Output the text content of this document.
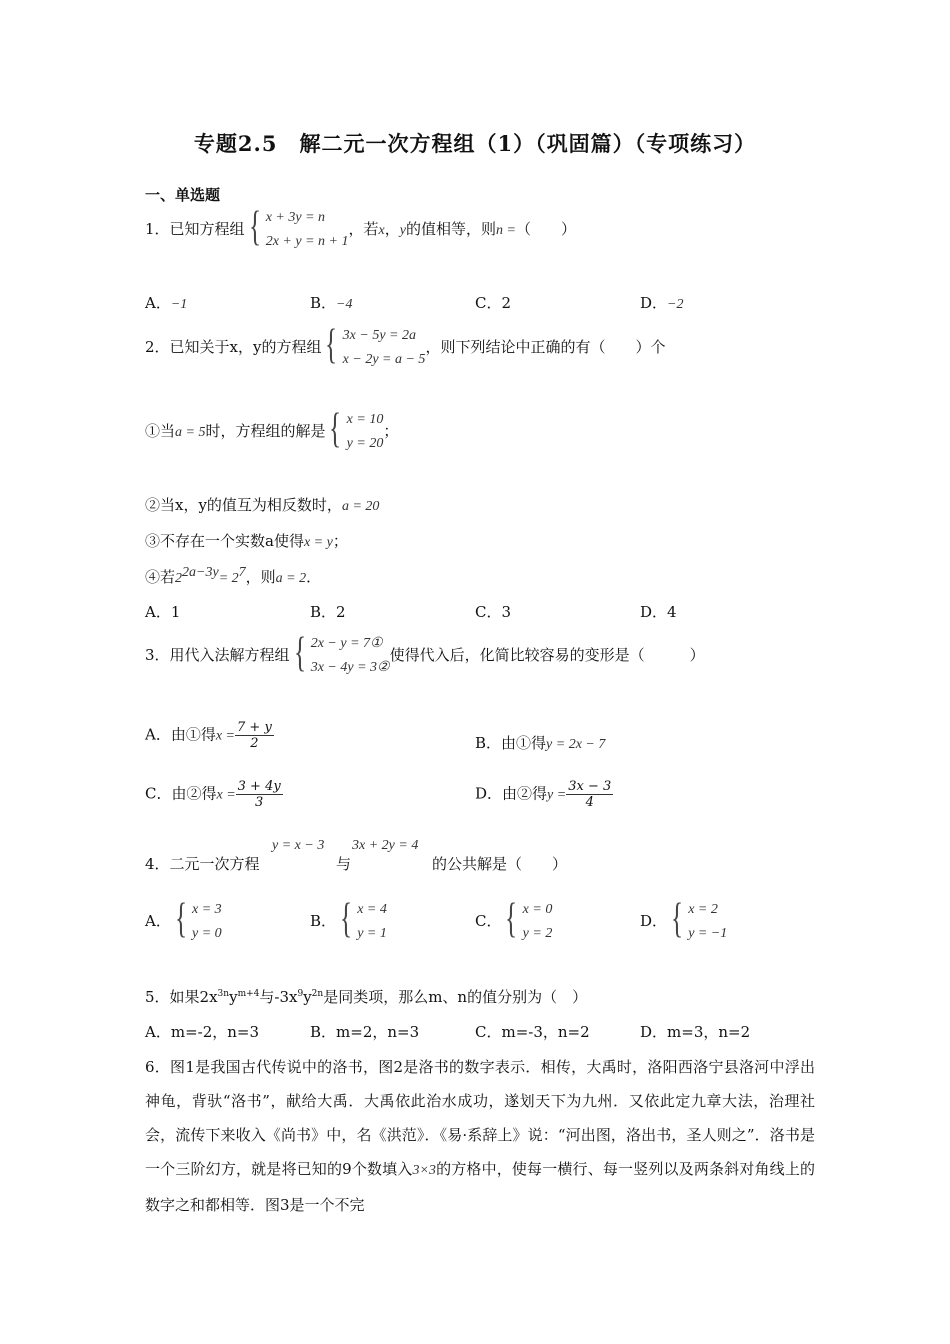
专题2.5　解二元一次方程组（1）（巩固篇）（专项练习）
一、单选题
1．已知方程组 { x + 3y = n
2x + y = n + 1
，若x，y的值相等，则n =（　　）
A．−1	B．−4	C．2	D．−2
2．已知关于x，y的方程组 { 3x − 5y = 2a
x − 2y = a − 5
，则下列结论中正确的有（　　）个
①当a = 5时，方程组的解是 { x = 10
y = 20
；
②当x，y的值互为相反数时，a = 20
③不存在一个实数a使得x = y；
④若$2^{2a-3y}= 2^7$，则a = 2．
A．1	B．2	C．3	D．4
3．用代入法解方程组 { 2x − y = 7①
3x − 4y = 3②
使得代入后，化简比较容易的变形是（　　　）
A．由①得$x = \frac{7 + y}{2}$	B．由①得y = 2x − 7
C．由②得$x = \frac{3 + 4y}{3}$	D．由②得$y = \frac{3x - 3}{4}$
4．二元一次方程
y = x − 3
与
3x + 2y = 4
的公共解是（　　）
A． { x = 3
y = 0
B． { x = 4
y = 1
C． { x = 0
y = 2
D． { x = 2
y = −1
5．如果$2x^{3n}y^{m+4}$与$-3x^9y^{2n}$是同类项，那么m、n的值分别为（　）
A．m=-2，n=3	B．m=2，n=3	C．m=-3，n=2	D．m=3，n=2
6．图1是我国古代传说中的洛书，图2是洛书的数字表示．相传，大禹时，洛阳西洛宁县洛河中浮出神龟，背驮“洛书”，献给大禹．大禹依此治水成功，遂划天下为九州．又依此定九章大法，治理社会，流传下来收入《尚书》中，名《洪范》．《易·系辞上》说：“河出图，洛出书，圣人则之”．洛书是一个三阶幻方，就是将已知的9个数填入3×3的方格中，使每一横行、每一竖列以及两条斜对角线上的数字之和都相等．图3是一个不完
